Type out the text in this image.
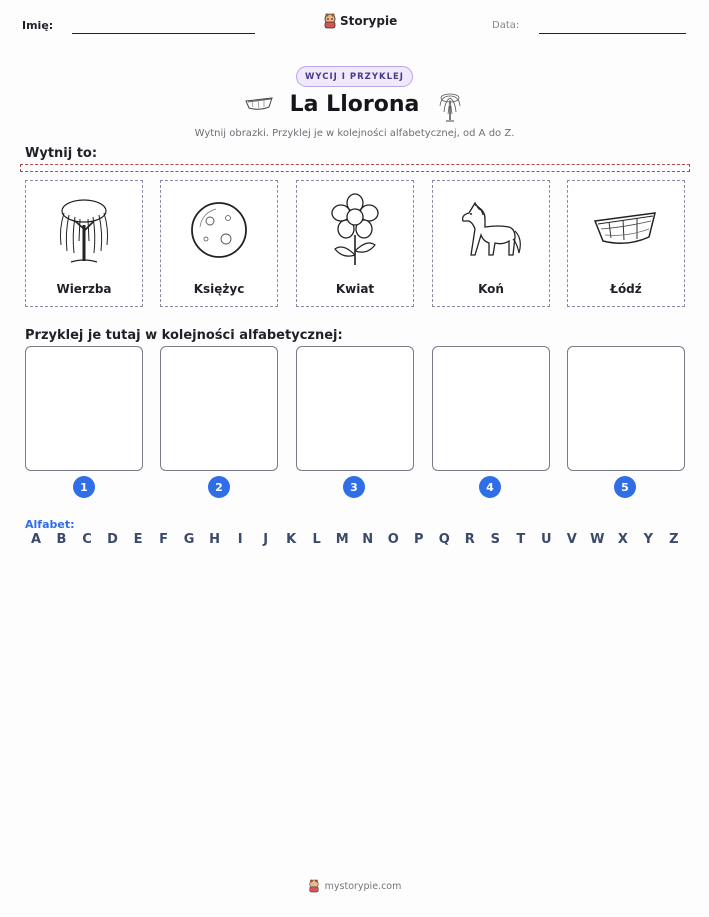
Imię:	Storypie	Data:
WYCIJ I PRZYKLEJ
La Llorona
Wytnij obrazki. Przyklej je w kolejności alfabetycznej, od A do Z.
Wytnij to:
Wierzba	Księżyc	Kwiat	Koń	Łódź
Przyklej je tutaj w kolejności alfabetycznej:
1	2	3	4	5
Alfabet:
A	B	C	D	E	F	G	H	I	J	K	L	M	N	O	P	Q	R	S	T	U	V	W	X	Y	Z
mystorypie.com
